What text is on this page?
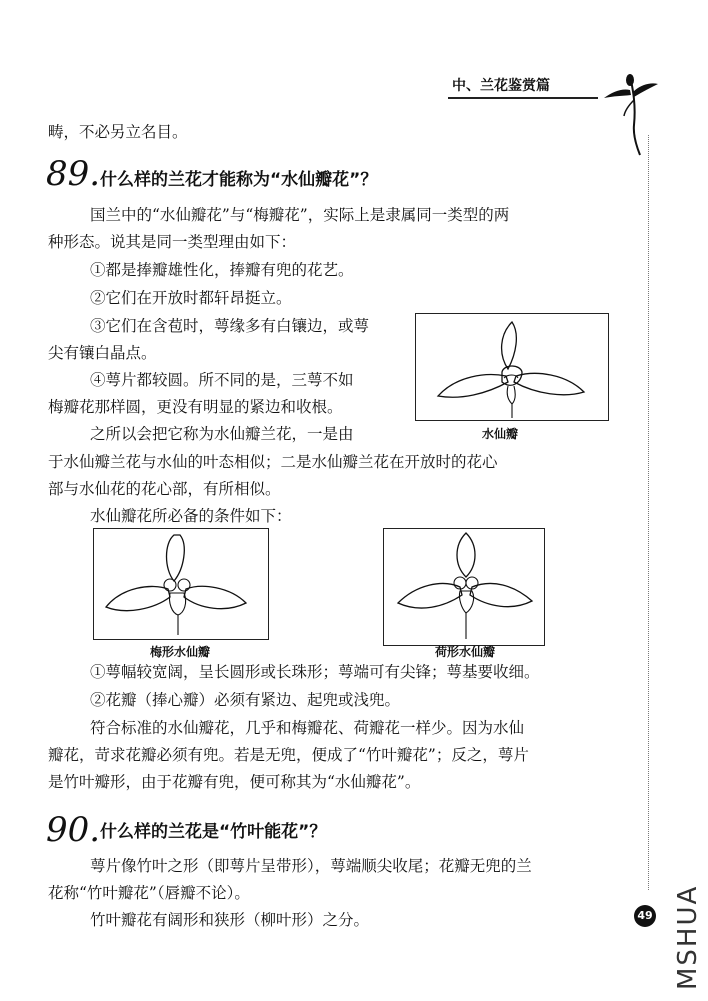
中、兰花鉴赏篇
畴，不必另立名目。
89. 什么样的兰花才能称为“水仙瓣花”？
国兰中的“水仙瓣花”与“梅瓣花”，实际上是隶属同一类型的两
种形态。说其是同一类型理由如下：
①都是捧瓣雄性化，捧瓣有兜的花艺。
②它们在开放时都轩昂挺立。
③它们在含苞时，萼缘多有白镶边，或萼
尖有镶白晶点。
④萼片都较圆。所不同的是，三萼不如
梅瓣花那样圆，更没有明显的紧边和收根。
水仙瓣
之所以会把它称为水仙瓣兰花，一是由
于水仙瓣兰花与水仙的叶态相似；二是水仙瓣兰花在开放时的花心
部与水仙花的花心部，有所相似。
水仙瓣花所必备的条件如下：
梅形水仙瓣	荷形水仙瓣
①萼幅较宽阔，呈长圆形或长珠形；萼端可有尖锋；萼基要收细。
②花瓣（捧心瓣）必须有紧边、起兜或浅兜。
符合标准的水仙瓣花，几乎和梅瓣花、荷瓣花一样少。因为水仙
瓣花，苛求花瓣必须有兜。若是无兜，便成了“竹叶瓣花”；反之，萼片
是竹叶瓣形，由于花瓣有兜，便可称其为“水仙瓣花”。
90. 什么样的兰花是“竹叶能花”？
萼片像竹叶之形（即萼片呈带形），萼端顺尖收尾；花瓣无兜的兰
花称“竹叶瓣花”（唇瓣不论）。
竹叶瓣花有阔形和狭形（柳叶形）之分。	49 MSHUA
